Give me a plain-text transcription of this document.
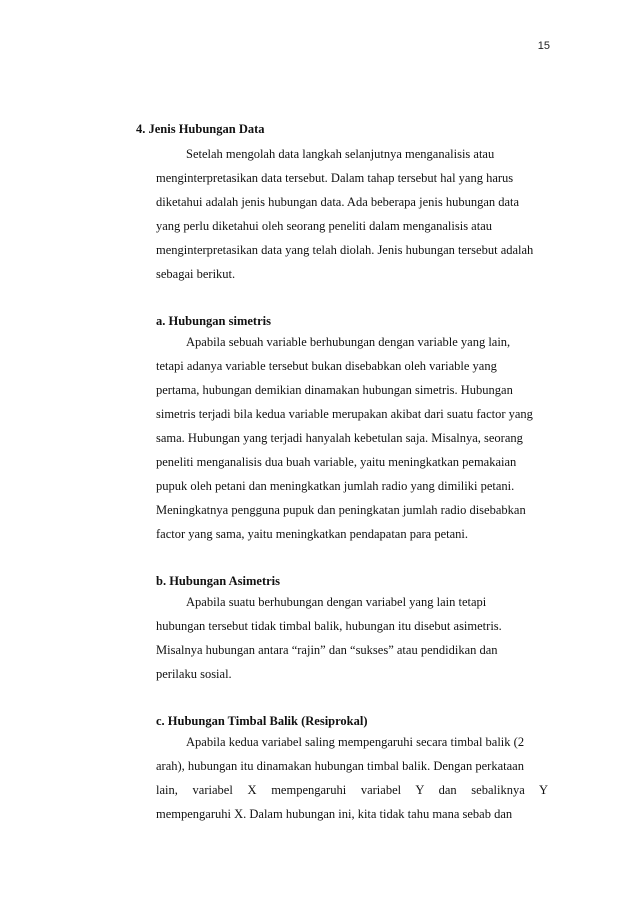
15
4. Jenis Hubungan Data

Setelah mengolah data langkah selanjutnya menganalisis atau
menginterpretasikan data tersebut. Dalam tahap tersebut hal yang harus
diketahui adalah jenis hubungan data. Ada beberapa jenis hubungan data
yang perlu diketahui oleh seorang peneliti dalam menganalisis atau
menginterpretasikan data yang telah diolah. Jenis hubungan tersebut adalah
sebagai berikut.

a. Hubungan simetris

Apabila sebuah variable berhubungan dengan variable yang lain,
tetapi adanya variable tersebut bukan disebabkan oleh variable yang
pertama, hubungan demikian dinamakan hubungan simetris. Hubungan
simetris terjadi bila kedua variable merupakan akibat dari suatu factor yang
sama. Hubungan yang terjadi hanyalah kebetulan saja. Misalnya, seorang
peneliti menganalisis dua buah variable, yaitu meningkatkan pemakaian
pupuk oleh petani dan meningkatkan jumlah radio yang dimiliki petani.
Meningkatnya pengguna pupuk dan peningkatan jumlah radio disebabkan
factor yang sama, yaitu meningkatkan pendapatan para petani.

b. Hubungan Asimetris

Apabila suatu berhubungan dengan variabel yang lain tetapi
hubungan tersebut tidak timbal balik, hubungan itu disebut asimetris.
Misalnya hubungan antara “rajin” dan “sukses” atau pendidikan dan
perilaku sosial.

c. Hubungan Timbal Balik (Resiprokal)

Apabila kedua variabel saling mempengaruhi secara timbal balik (2
arah), hubungan itu dinamakan hubungan timbal balik. Dengan perkataan
lain, variabel X mempengaruhi variabel Y dan sebaliknya Y
mempengaruhi X. Dalam hubungan ini, kita tidak tahu mana sebab dan
